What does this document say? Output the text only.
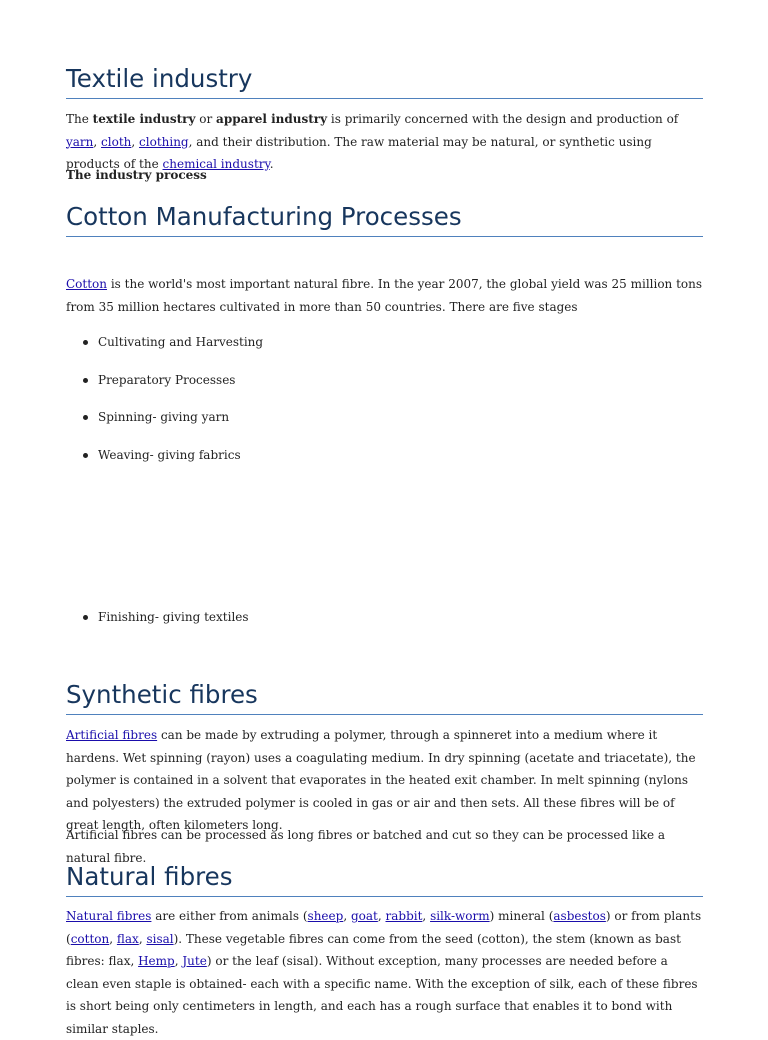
Textile industry

The textile industry or apparel industry is primarily concerned with the design and production of yarn, cloth, clothing, and their distribution. The raw material may be natural, or synthetic using products of the chemical industry.

The industry process

Cotton Manufacturing Processes

Cotton is the world's most important natural fibre. In the year 2007, the global yield was 25 million tons from 35 million hectares cultivated in more than 50 countries. There are five stages

Cultivating and Harvesting
Preparatory Processes
Spinning- giving yarn
Weaving- giving fabrics
Finishing- giving textiles
Synthetic fibres

Artificial fibres can be made by extruding a polymer, through a spinneret into a medium where it hardens. Wet spinning (rayon) uses a coagulating medium. In dry spinning (acetate and triacetate), the polymer is contained in a solvent that evaporates in the heated exit chamber. In melt spinning (nylons and polyesters) the extruded polymer is cooled in gas or air and then sets. All these fibres will be of great length, often kilometers long.

Artificial fibres can be processed as long fibres or batched and cut so they can be processed like a natural fibre.

Natural fibres

Natural fibres are either from animals (sheep, goat, rabbit, silk-worm) mineral (asbestos) or from plants (cotton, flax, sisal). These vegetable fibres can come from the seed (cotton), the stem (known as bast fibres: flax, Hemp, Jute) or the leaf (sisal). Without exception, many processes are needed before a clean even staple is obtained- each with a specific name. With the exception of silk, each of these fibres is short being only centimeters in length, and each has a rough surface that enables it to bond with similar staples.
